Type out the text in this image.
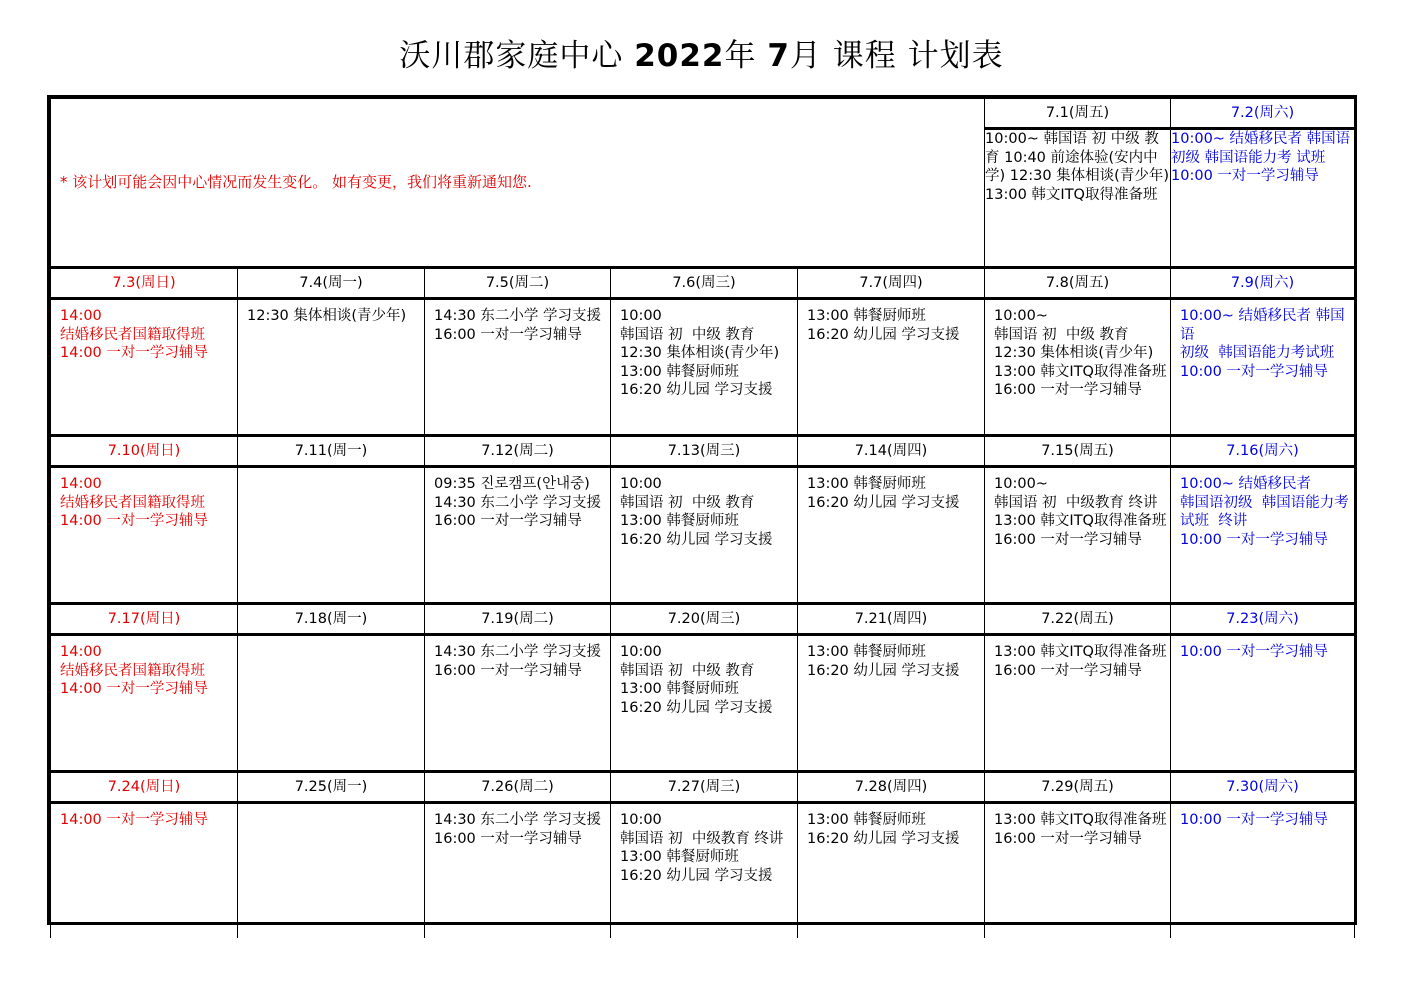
沃川郡家庭中心 2022年 7月 课程 计划表
* 该计划可能会因中心情况而发生变化。 如有变更，我们将重新通知您.					7.1(周五)	7.2(周六)

					10:00~ 韩国语 初 中级 教育 10:40 前途体验(安内中学) 12:30 集体相谈(青少年) 13:00 韩文ITQ取得准备班	10:00~ 结婚移民者 韩国语初级 韩国语能力考 试班 10:00 一对一学习辅导

7.3(周日)	7.4(周一)	7.5(周二)	7.6(周三)	7.7(周四)	7.8(周五)	7.9(周六)

14:00
结婚移民者国籍取得班
14:00 一对一学习辅导	12:30 集体相谈(青少年)	14:30 东二小学 学习支援
16:00 一对一学习辅导	10:00
韩国语 初  中级 教育
12:30 集体相谈(青少年)
13:00 韩餐厨师班
16:20 幼儿园 学习支援	13:00 韩餐厨师班
16:20 幼儿园 学习支援	10:00~
韩国语 初  中级 教育
12:30 集体相谈(青少年)
13:00 韩文ITQ取得准备班
16:00 一对一学习辅导	10:00~ 结婚移民者 韩国语
初级  韩国语能力考试班
10:00 一对一学习辅导

7.10(周日)	7.11(周一)	7.12(周二)	7.13(周三)	7.14(周四)	7.15(周五)	7.16(周六)

14:00
结婚移民者国籍取得班
14:00 一对一学习辅导		09:35 진로캠프(안내중)
14:30 东二小学 学习支援
16:00 一对一学习辅导	10:00
韩国语 初  中级 教育
13:00 韩餐厨师班
16:20 幼儿园 学习支援	13:00 韩餐厨师班
16:20 幼儿园 学习支援	10:00~
韩国语 初  中级教育 终讲
13:00 韩文ITQ取得准备班
16:00 一对一学习辅导	10:00~ 结婚移民者
韩国语初级  韩国语能力考
试班  终讲
10:00 一对一学习辅导

7.17(周日)	7.18(周一)	7.19(周二)	7.20(周三)	7.21(周四)	7.22(周五)	7.23(周六)

14:00
结婚移民者国籍取得班
14:00 一对一学习辅导		14:30 东二小学 学习支援
16:00 一对一学习辅导	10:00
韩国语 初  中级 教育
13:00 韩餐厨师班
16:20 幼儿园 学习支援	13:00 韩餐厨师班
16:20 幼儿园 学习支援	13:00 韩文ITQ取得准备班
16:00 一对一学习辅导	10:00 一对一学习辅导

7.24(周日)	7.25(周一)	7.26(周二)	7.27(周三)	7.28(周四)	7.29(周五)	7.30(周六)

14:00 一对一学习辅导		14:30 东二小学 学习支援
16:00 一对一学习辅导	10:00
韩国语 初  中级教育 终讲
13:00 韩餐厨师班
16:20 幼儿园 学习支援	13:00 韩餐厨师班
16:20 幼儿园 学习支援	13:00 韩文ITQ取得准备班
16:00 一对一学习辅导	10:00 一对一学习辅导
